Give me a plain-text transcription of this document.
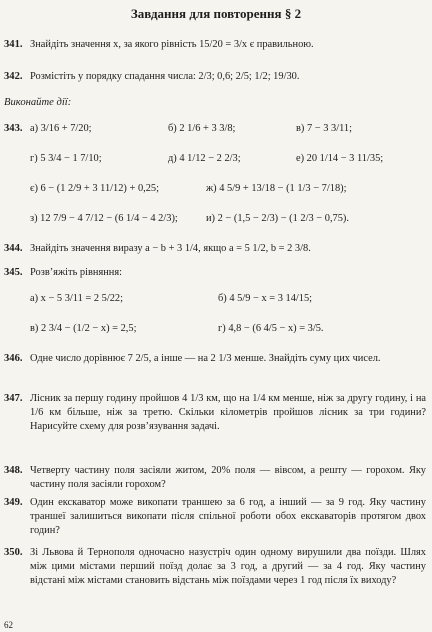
Завдання для повторення § 2
341. Знайдіть значення x, за якого рівність 15/20 = 3/x є правильною.
342. Розмістіть у порядку спадання числа: 2/3; 0,6; 2/5; 1/2; 19/30.
Виконайте дії:
343. а) 3/16 + 7/20;	б) 2 1/6 + 3 3/8;	в) 7 − 3 3/11;
г) 5 3/4 − 1 7/10;	д) 4 1/12 − 2 2/3;	е) 20 1/14 − 3 11/35;
є) 6 − (1 2/9 + 3 11/12) + 0,25;	ж) 4 5/9 + 13/18 − (1 1/3 − 7/18);
з) 12 7/9 − 4 7/12 − (6 1/4 − 4 2/3);	и) 2 − (1,5 − 2/3) − (1 2/3 − 0,75).
344. Знайдіть значення виразу a − b + 3 1/4, якщо a = 5 1/2, b = 2 3/8.
345. Розв’яжіть рівняння:
а) x − 5 3/11 = 2 5/22;	б) 4 5/9 − x = 3 14/15;
в) 2 3/4 − (1/2 − x) = 2,5;	г) 4,8 − (6 4/5 − x) = 3/5.
346. Одне число дорівнює 7 2/5, а інше — на 2 1/3 менше. Знайдіть суму цих чисел.
347. Лісник за першу годину пройшов 4 1/3 км, що на 1/4 км менше, ніж за другу годину, і на 1/6 км більше, ніж за третю. Скільки кілометрів пройшов лісник за три години? Нарисуйте схему для розв’язування задачі.
348. Четверту частину поля засіяли житом, 20% поля — вівсом, а решту — горохом. Яку частину поля засіяли горохом?
349. Один екскаватор може викопати траншею за 6 год, а інший — за 9 год. Яку частину траншеї залишиться викопати після спільної роботи обох екскаваторів протягом двох годин?
350. Зі Львова й Тернополя одночасно назустріч один одному вирушили два поїзди. Шлях між цими містами перший поїзд долає за 3 год, а другий — за 4 год. Яку частину відстані між містами становить відстань між поїздами через 1 год після їх виходу?
62
